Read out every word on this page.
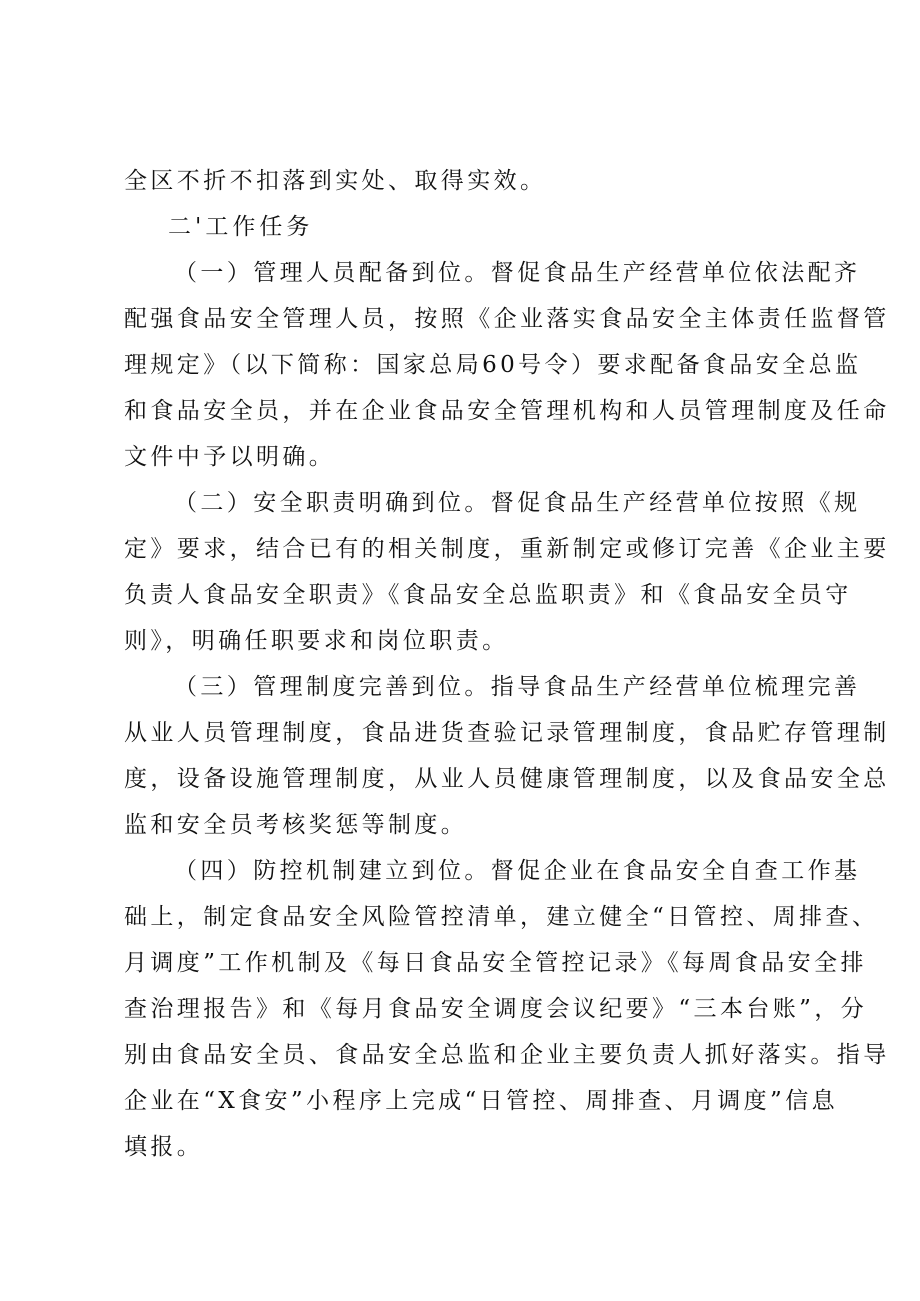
全区不折不扣落到实处、取得实效。
二'工作任务
（一）管理人员配备到位。督促食品生产经营单位依法配齐
配强食品安全管理人员，按照《企业落实食品安全主体责任监督管
理规定》（以下简称：国家总局60号令）要求配备食品安全总监
和食品安全员，并在企业食品安全管理机构和人员管理制度及任命
文件中予以明确。
（二）安全职责明确到位。督促食品生产经营单位按照《规
定》要求，结合已有的相关制度，重新制定或修订完善《企业主要
负责人食品安全职责》《食品安全总监职责》和《食品安全员守
则》，明确任职要求和岗位职责。
（三）管理制度完善到位。指导食品生产经营单位梳理完善
从业人员管理制度，食品进货查验记录管理制度，食品贮存管理制
度，设备设施管理制度，从业人员健康管理制度，以及食品安全总
监和安全员考核奖惩等制度。
（四）防控机制建立到位。督促企业在食品安全自查工作基
础上，制定食品安全风险管控清单，建立健全“日管控、周排查、
月调度”工作机制及《每日食品安全管控记录》《每周食品安全排
查治理报告》和《每月食品安全调度会议纪要》“三本台账”，分
别由食品安全员、食品安全总监和企业主要负责人抓好落实。指导
企业在“X食安”小程序上完成“日管控、周排查、月调度”信息
填报。
